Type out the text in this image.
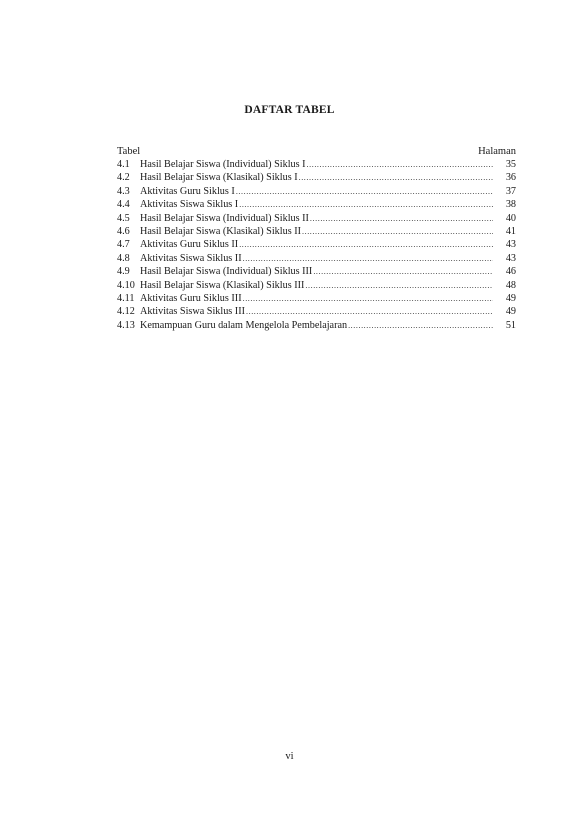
DAFTAR TABEL
Tabel	Halaman
4.1	Hasil Belajar Siswa (Individual) Siklus I .....	35
4.2	Hasil Belajar Siswa (Klasikal) Siklus I .....	36
4.3	Aktivitas Guru Siklus I .....	37
4.4	Aktivitas Siswa Siklus I .....	38
4.5	Hasil Belajar Siswa (Individual) Siklus II .....	40
4.6	Hasil Belajar Siswa (Klasikal) Siklus II .....	41
4.7	Aktivitas Guru Siklus II .....	43
4.8	Aktivitas Siswa Siklus II .....	43
4.9	Hasil Belajar Siswa (Individual) Siklus III .....	46
4.10 Hasil Belajar Siswa (Klasikal) Siklus III .....	48
4.11 Aktivitas Guru Siklus III .....	49
4.12 Aktivitas Siswa Siklus III .....	49
4.13 Kemampuan Guru dalam Mengelola Pembelajaran .....	51
vi
